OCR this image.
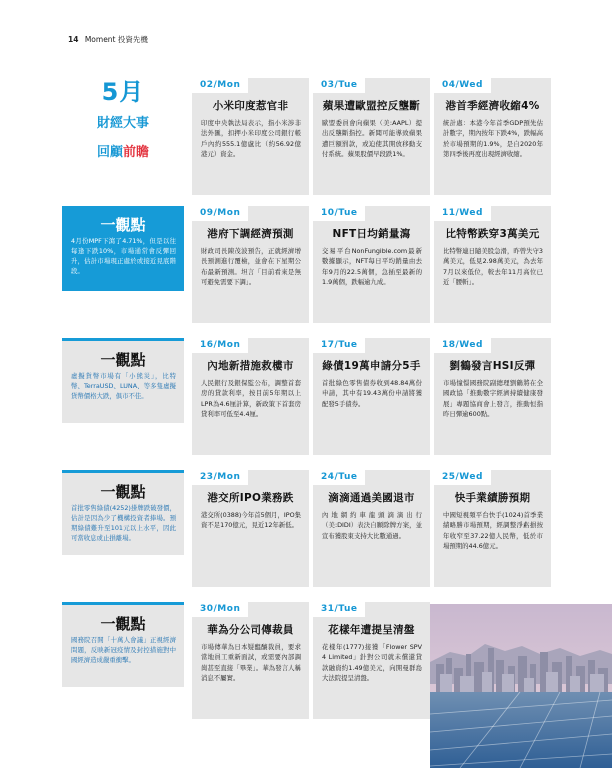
14 Moment 投資先機
5月
財經大事
回顧前瞻
一觀點
4月份MPF下瀉了4.71%，但是以往每逢下跌10%，市場通常會反彈回升，估計市場現正處於或接近見底階段。
一觀點
虛擬貨幣市場有「小熊災」，比特幣、TerraUSD、LUNA、等多隻虛擬貨幣價格大跌，俱市不佳。
一觀點
首批零售綠債(4252)掛牌跌破發價，估計是因為少了機構投資者捧場。預期綠債難升至101元以上水平，因此可當收息或止損離場。
一觀點
國務院召開「十萬人會議」正視經濟問題，反映新冠疫情及封控措施對中國經濟造成嚴重衝擊。
02/Mon
小米印度惹官非
印度中央執法局表示，指小米涉非法外匯，扣押小米印度公司銀行帳戶內約555.1億盧比（約56.92億港元）資金。
03/Tue
蘋果遭歐盟控反壟斷
歐盟委員會向蘋果（美:AAPL）提出反壟斷指控。新聞可能導致蘋果遭巨額罰款，或迫使其開放移動支付系統。蘋果股價早段跌1%。
04/Wed
港首季經濟收縮4%
統計處：本港今年首季GDP預先估計數字，期內按年下跌4%，跌幅高於市場預期的1.9%，是自2020年第四季後再度出現經濟收縮。
09/Mon
港府下調經濟預測
財政司長陳茂波預告，正就經濟增長預測進行覆檢，並會在下星期公布最新預測。坦言「目前看來是無可避免需要下調」。
10/Tue
NFT日均銷量瀉
交易平台NonFungible.com最新數據顯示，NFT每日平均銷量由去年9月的22.5萬個，急插至最新的1.9萬個，跌幅逾九成。
11/Wed
比特幣跌穿3萬美元
比特幣連日隨美股急滑，昨曾失守3萬美元，低見2.98萬美元，為去年7月以來低位，較去年11月高位已近「腰斬」。
16/Mon
內地新措施救樓市
人民銀行及銀保監公布，調整首套房的貸款利率，按目前5年期以上LPR為4.6厘計算，新政策下首套房貸利率可低至4.4厘。
17/Tue
綠債19萬申請分5手
首批綠色零售債券收到48.84萬份申請，其中有19.43萬份申請將獲配發5手債券。
18/Wed
劉鶴發言HSI反彈
市場憧憬國務院副總理劉鶴將在全國政協「推動數字經濟持續健康發展」專題協商會上發言，推動恒指昨日彈逾600點。
23/Mon
港交所IPO業務跌
港交所(0388)今年首5個月，IPO集資不足170億元，見近12年新低。
24/Tue
滴滴通過美國退市
內地網約車龍頭滴滴出行（美:DIDI）表決自願除牌方案，並宣布獲股東支持大比數通過。
25/Wed
快手業績勝預期
中國短視頻平台快手(1024)首季業績略勝市場預期，經調整淨虧損按年收窄至37.22億人民幣，低於市場預期的44.6億元。
30/Mon
華為分公司傳裁員
市場傳華為日本疑醞釀裁員，要求當地員工重新面試，或需要內部調崗甚至直接「畢業」。華為發言人稱消息不屬實。
31/Tue
花樣年遭提呈清盤
花樣年(1777)接獲「Flower SPV 4 Limited」針對公司就未償還貸款融資約1.49億美元，向開曼群島大法院提呈清盤。
